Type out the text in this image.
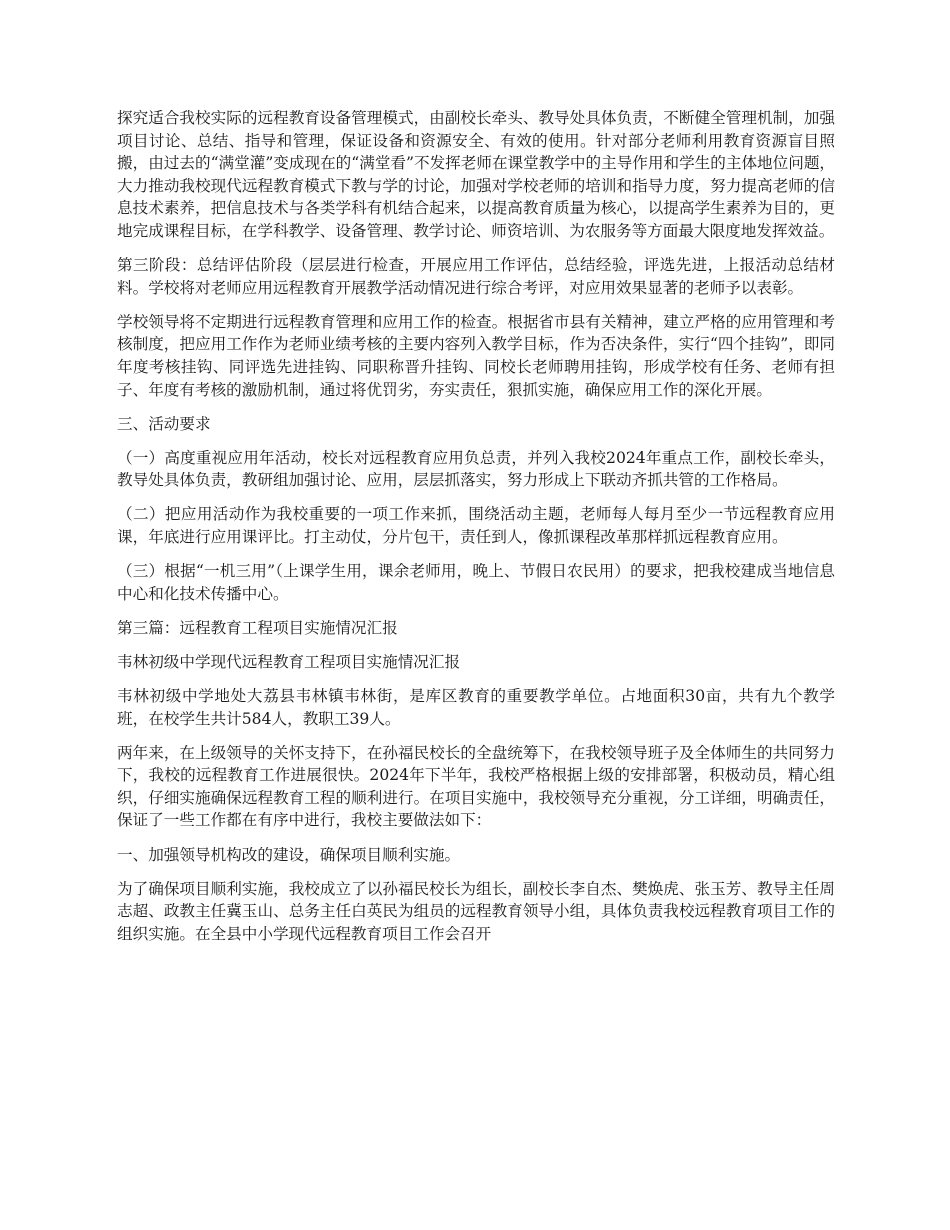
探究适合我校实际的远程教育设备管理模式，由副校长牵头、教导处具体负责，不断健全管理机制，加强项目讨论、总结、指导和管理，保证设备和资源安全、有效的使用。针对部分老师利用教育资源盲目照搬，由过去的“满堂灌”变成现在的“满堂看”不发挥老师在课堂教学中的主导作用和学生的主体地位问题，大力推动我校现代远程教育模式下教与学的讨论，加强对学校老师的培训和指导力度，努力提高老师的信息技术素养，把信息技术与各类学科有机结合起来，以提高教育质量为核心，以提高学生素养为目的，更地完成课程目标，在学科教学、设备管理、教学讨论、师资培训、为农服务等方面最大限度地发挥效益。

第三阶段：总结评估阶段（层层进行检查，开展应用工作评估，总结经验，评选先进，上报活动总结材料。学校将对老师应用远程教育开展教学活动情况进行综合考评，对应用效果显著的老师予以表彰。

学校领导将不定期进行远程教育管理和应用工作的检查。根据省市县有关精神，建立严格的应用管理和考核制度，把应用工作作为老师业绩考核的主要内容列入教学目标，作为否决条件，实行“四个挂钩”，即同年度考核挂钩、同评选先进挂钩、同职称晋升挂钩、同校长老师聘用挂钩，形成学校有任务、老师有担子、年度有考核的激励机制，通过将优罚劣，夯实责任，狠抓实施，确保应用工作的深化开展。

三、活动要求

（一）高度重视应用年活动，校长对远程教育应用负总责，并列入我校2024年重点工作，副校长牵头，教导处具体负责，教研组加强讨论、应用，层层抓落实，努力形成上下联动齐抓共管的工作格局。

（二）把应用活动作为我校重要的一项工作来抓，围绕活动主题，老师每人每月至少一节远程教育应用课，年底进行应用课评比。打主动仗，分片包干，责任到人，像抓课程改革那样抓远程教育应用。

（三）根据“一机三用”（上课学生用，课余老师用，晚上、节假日农民用）的要求，把我校建成当地信息中心和化技术传播中心。

第三篇：远程教育工程项目实施情况汇报

韦林初级中学现代远程教育工程项目实施情况汇报

韦林初级中学地处大荔县韦林镇韦林街，是库区教育的重要教学单位。占地面积30亩，共有九个教学班，在校学生共计584人，教职工39人。

两年来，在上级领导的关怀支持下，在孙福民校长的全盘统筹下，在我校领导班子及全体师生的共同努力下，我校的远程教育工作进展很快。2024年下半年，我校严格根据上级的安排部署，积极动员，精心组织，仔细实施确保远程教育工程的顺利进行。在项目实施中，我校领导充分重视，分工详细，明确责任，保证了一些工作都在有序中进行，我校主要做法如下：

一、加强领导机构改的建设，确保项目顺利实施。

为了确保项目顺利实施，我校成立了以孙福民校长为组长，副校长李自杰、樊焕虎、张玉芳、教导主任周志超、政教主任冀玉山、总务主任白英民为组员的远程教育领导小组，具体负责我校远程教育项目工作的组织实施。在全县中小学现代远程教育项目工作会召开
